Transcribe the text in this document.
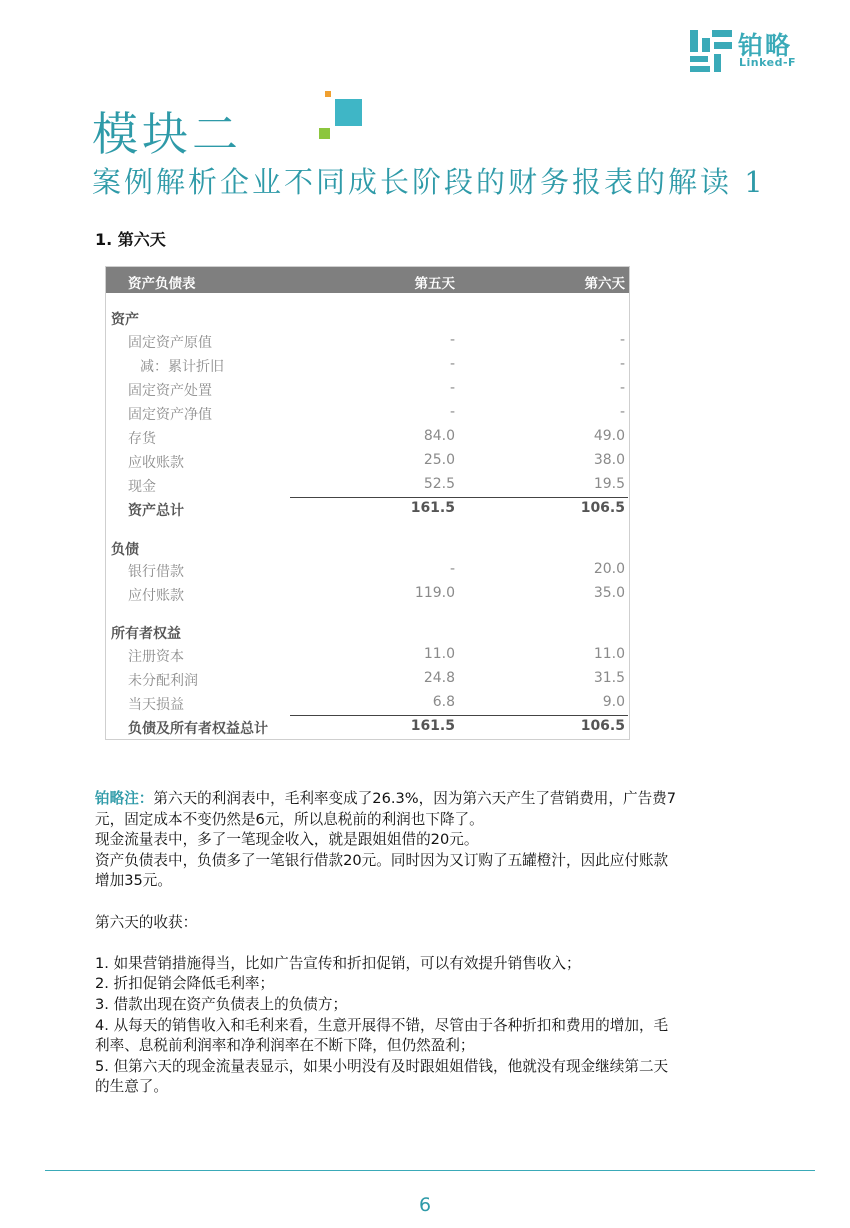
铂略
Linked-F
模块二
案例解析企业不同成长阶段的财务报表的解读 1
1. 第六天
资产负债表	第五天	第六天
资产
固定资产原值	-	-
减：累计折旧	-	-
固定资产处置	-	-
固定资产净值	-	-
存货	84.0	49.0
应收账款	25.0	38.0
现金	52.5	19.5
资产总计	161.5	106.5
负债
银行借款	-	20.0
应付账款	119.0	35.0
所有者权益
注册资本	11.0	11.0
未分配利润	24.8	31.5
当天损益	6.8	9.0
负债及所有者权益总计	161.5	106.5

铂略注：第六天的利润表中，毛利率变成了26.3%，因为第六天产生了营销费用，广告费7

元，固定成本不变仍然是6元，所以息税前的利润也下降了。

现金流量表中，多了一笔现金收入，就是跟姐姐借的20元。

资产负债表中，负债多了一笔银行借款20元。同时因为又订购了五罐橙汁，因此应付账款

增加35元。

第六天的收获：

1. 如果营销措施得当，比如广告宣传和折扣促销，可以有效提升销售收入；

2. 折扣促销会降低毛利率；

3. 借款出现在资产负债表上的负债方；

4. 从每天的销售收入和毛利来看，生意开展得不错，尽管由于各种折扣和费用的增加，毛

利率、息税前利润率和净利润率在不断下降，但仍然盈利；

5. 但第六天的现金流量表显示，如果小明没有及时跟姐姐借钱，他就没有现金继续第二天

的生意了。

6
